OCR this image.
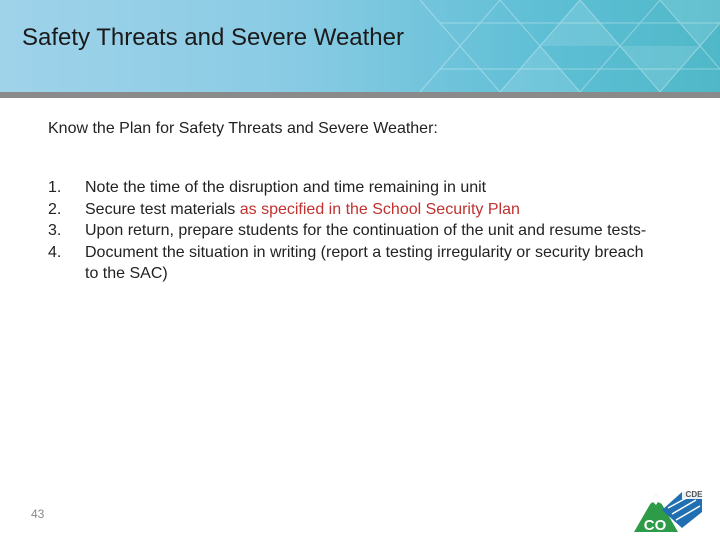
Safety Threats and Severe Weather
Know the Plan for Safety Threats and Severe Weather:
1.	Note the time of the disruption and time remaining in unit
2.	Secure test materials as specified in the School Security Plan
3.	Upon return, prepare students for the continuation of the unit and resume tests-
4.	Document the situation in writing (report a testing irregularity or security breach to the SAC)
43
CDE
CO
